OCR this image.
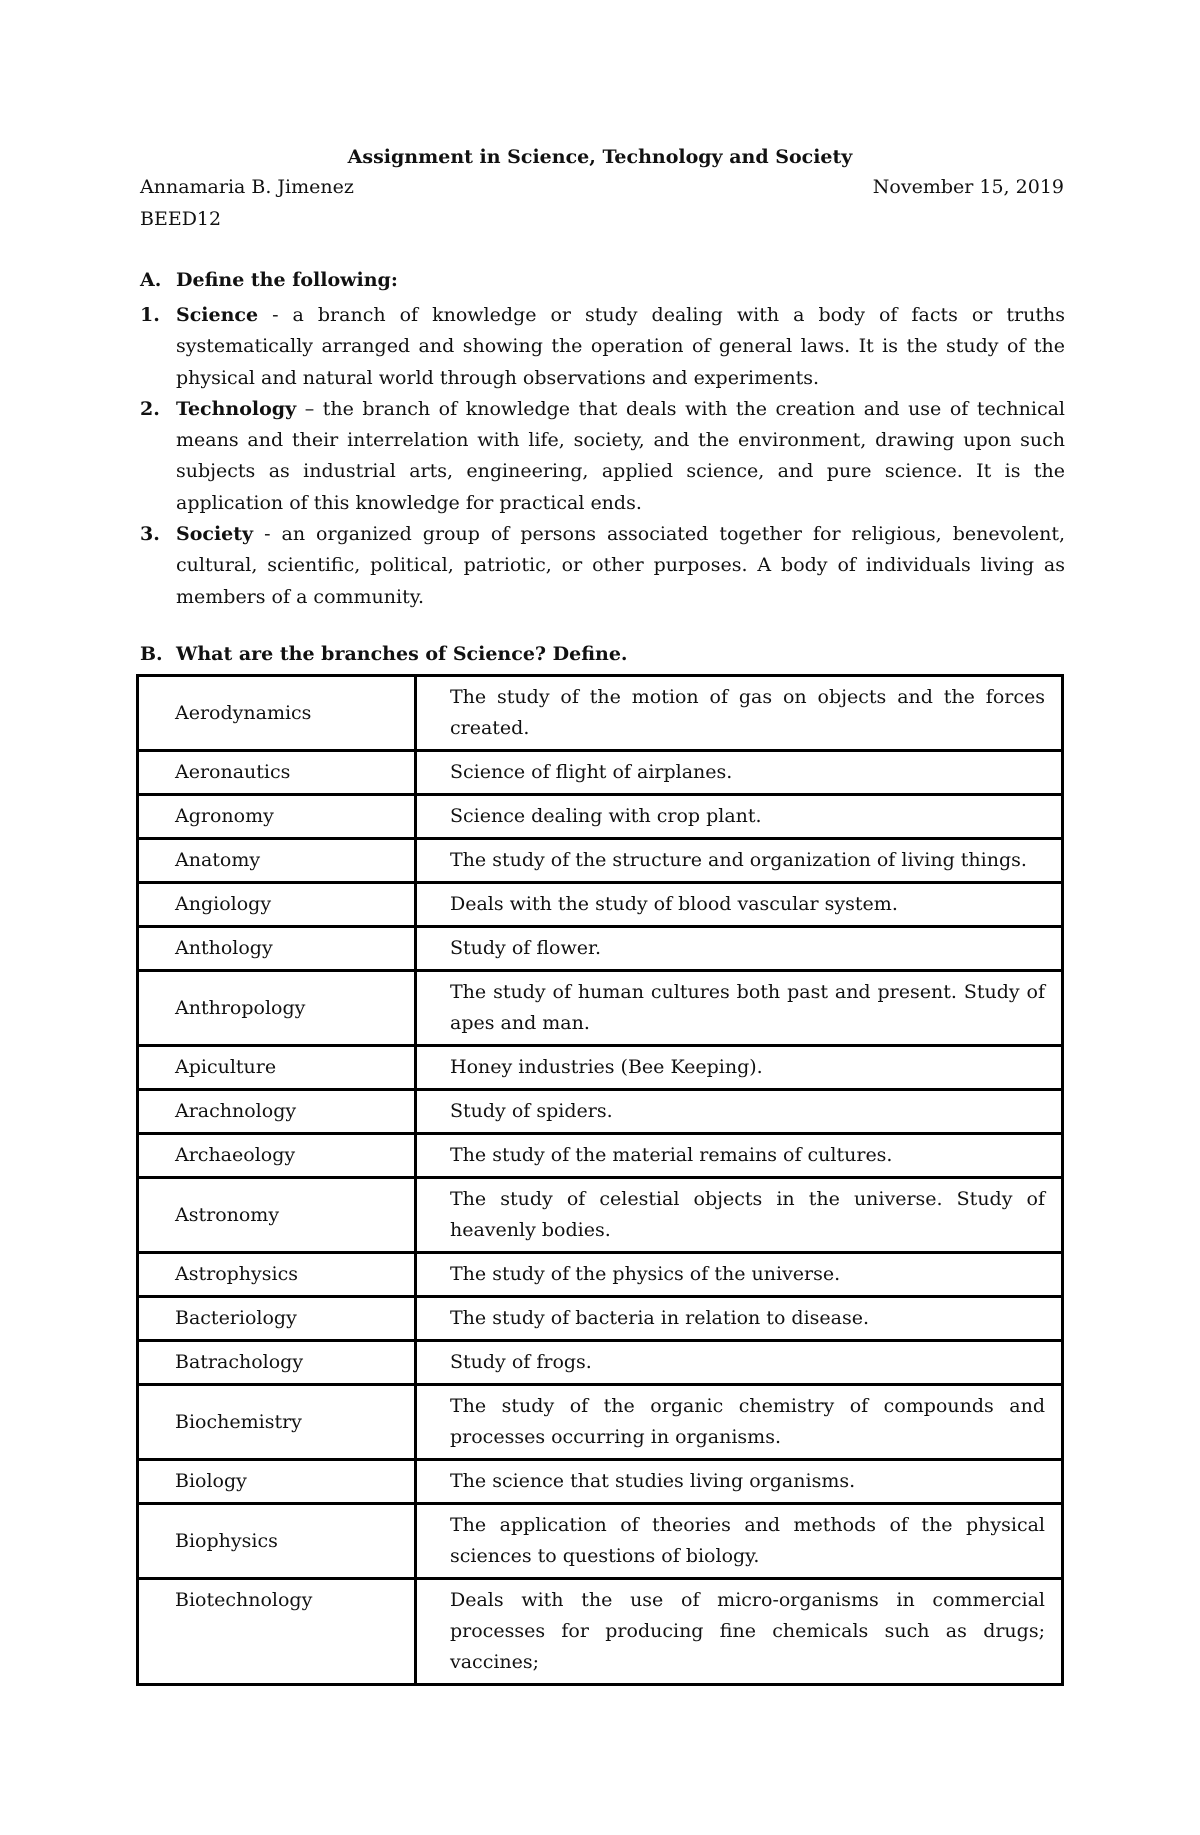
Assignment in Science, Technology and Society
Annamaria B. Jimenez	November 15, 2019
BEED12
A. Define the following:
1. Science - a branch of knowledge or study dealing with a body of facts or truths systematically arranged and showing the operation of general laws. It is the study of the physical and natural world through observations and experiments.
2. Technology – the branch of knowledge that deals with the creation and use of technical means and their interrelation with life, society, and the environment, drawing upon such subjects as industrial arts, engineering, applied science, and pure science. It is the application of this knowledge for practical ends.
3. Society - an organized group of persons associated together for religious, benevolent, cultural, scientific, political, patriotic, or other purposes. A body of individuals living as members of a community.
B. What are the branches of Science? Define.
Aerodynamics	The study of the motion of gas on objects and the forces created.
Aeronautics	Science of flight of airplanes.
Agronomy	Science dealing with crop plant.
Anatomy	The study of the structure and organization of living things.
Angiology	Deals with the study of blood vascular system.
Anthology	Study of flower.
Anthropology	The study of human cultures both past and present. Study of apes and man.
Apiculture	Honey industries (Bee Keeping).
Arachnology	Study of spiders.
Archaeology	The study of the material remains of cultures.
Astronomy	The study of celestial objects in the universe. Study of heavenly bodies.
Astrophysics	The study of the physics of the universe.
Bacteriology	The study of bacteria in relation to disease.
Batrachology	Study of frogs.
Biochemistry	The study of the organic chemistry of compounds and processes occurring in organisms.
Biology	The science that studies living organisms.
Biophysics	The application of theories and methods of the physical sciences to questions of biology.
Biotechnology	Deals with the use of micro-organisms in commercial processes for producing fine chemicals such as drugs; vaccines;
